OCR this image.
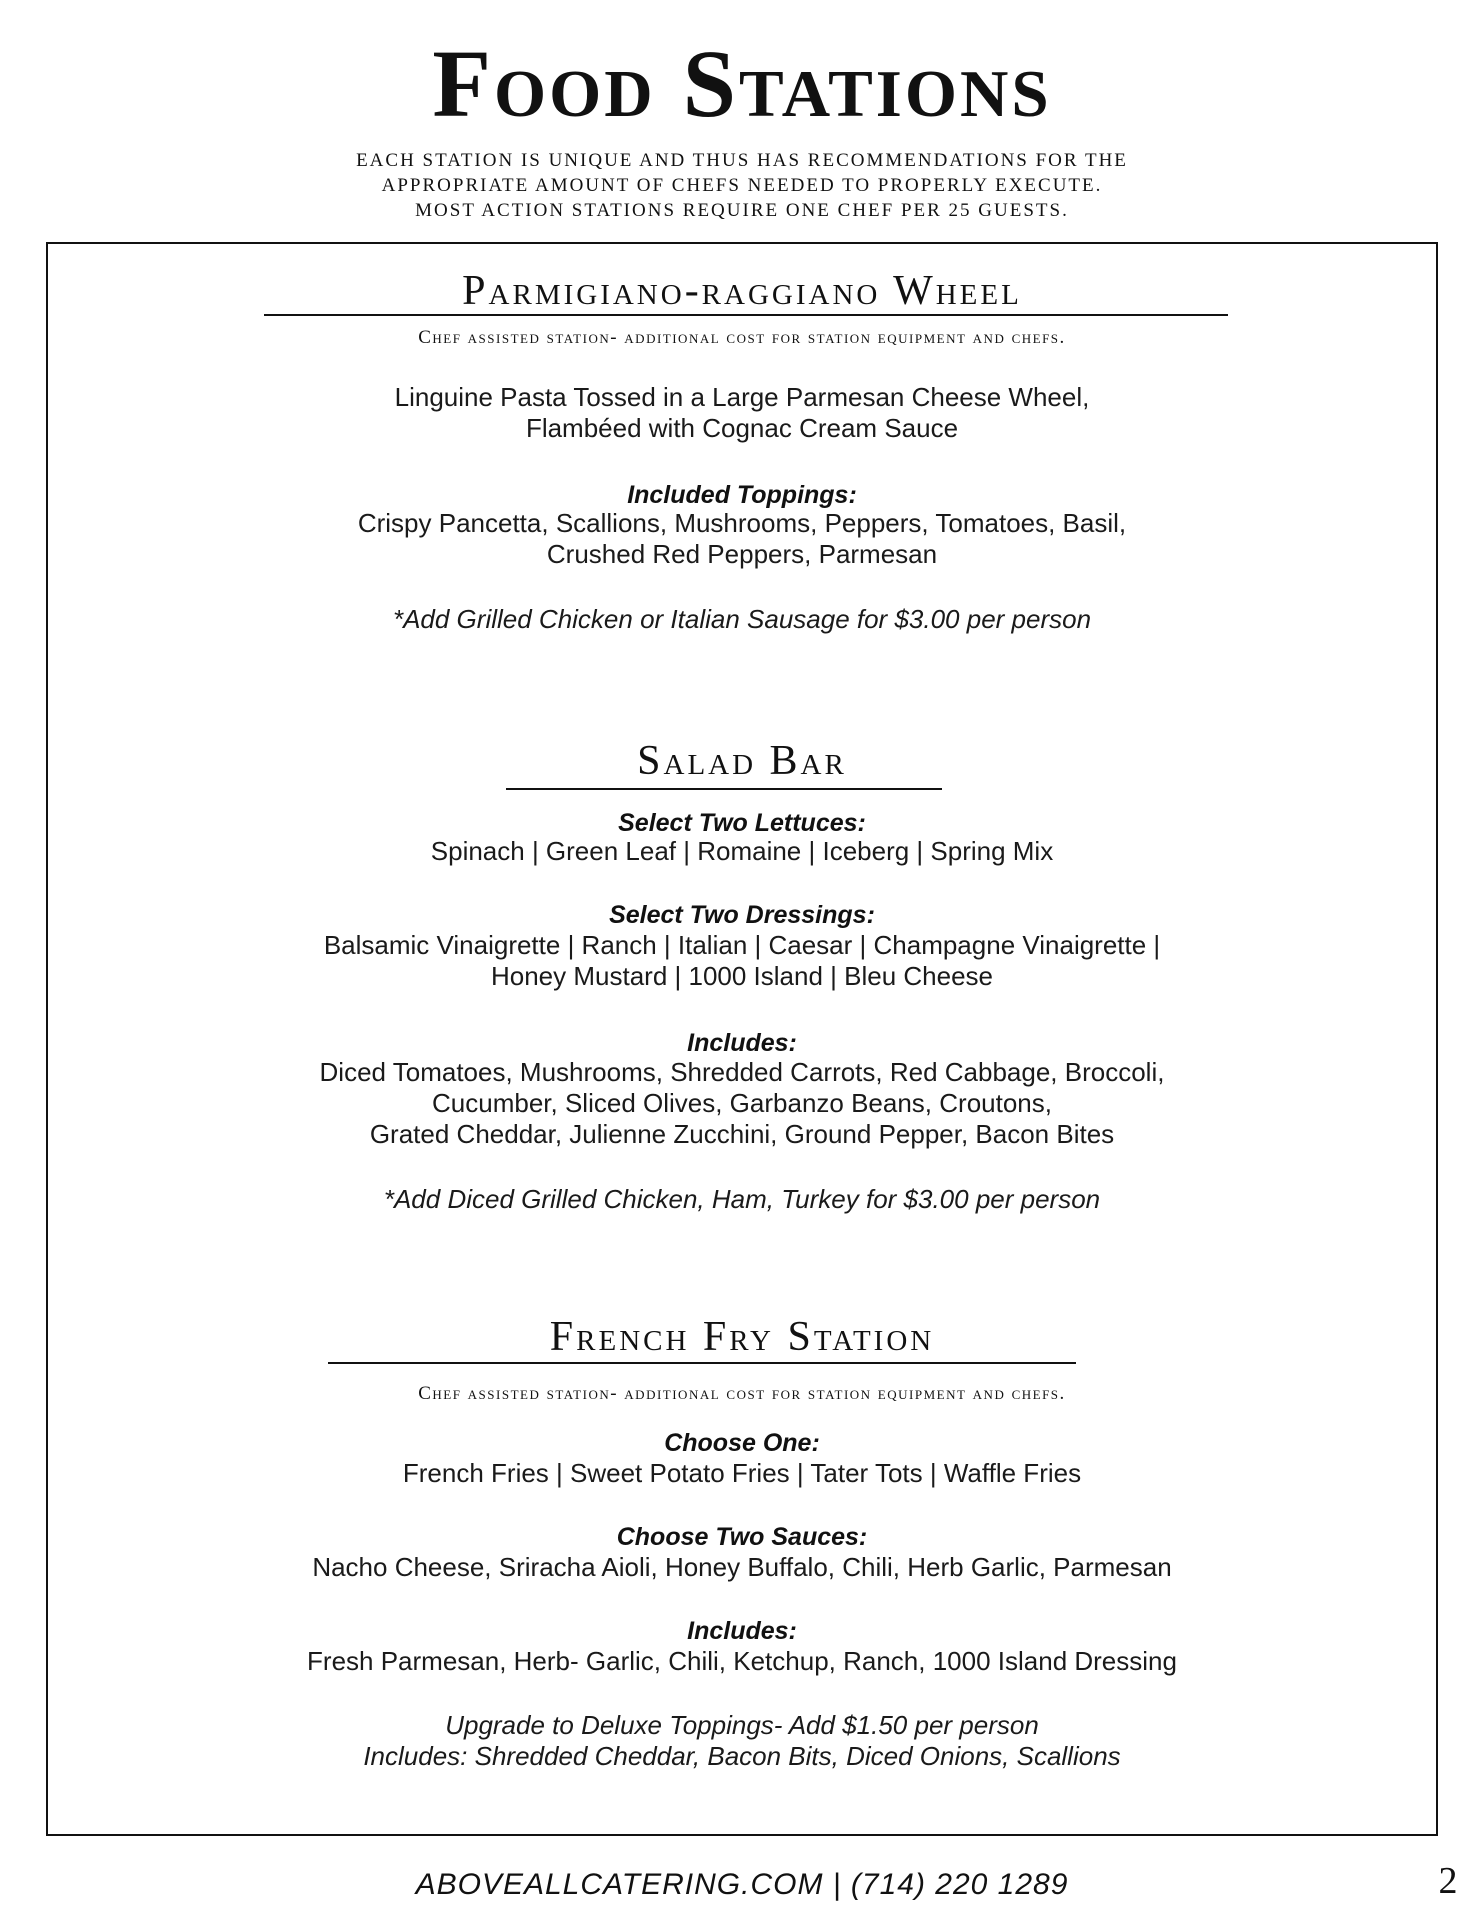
Food Stations
EACH STATION IS UNIQUE AND THUS HAS RECOMMENDATIONS FOR THE
APPROPRIATE AMOUNT OF CHEFS NEEDED TO PROPERLY EXECUTE.
MOST ACTION STATIONS REQUIRE ONE CHEF PER 25 GUESTS.
Parmigiano-raggiano Wheel
Chef assisted station- additional cost for station equipment and chefs.
Linguine Pasta Tossed in a Large Parmesan Cheese Wheel,
Flambéed with Cognac Cream Sauce
Included Toppings:
Crispy Pancetta, Scallions, Mushrooms, Peppers, Tomatoes, Basil,
Crushed Red Peppers, Parmesan
*Add Grilled Chicken or Italian Sausage for $3.00 per person
Salad Bar
Select Two Lettuces:
Spinach | Green Leaf | Romaine | Iceberg | Spring Mix
Select Two Dressings:
Balsamic Vinaigrette | Ranch | Italian | Caesar | Champagne Vinaigrette |
Honey Mustard | 1000 Island | Bleu Cheese
Includes:
Diced Tomatoes, Mushrooms, Shredded Carrots, Red Cabbage, Broccoli,
Cucumber, Sliced Olives, Garbanzo Beans, Croutons,
Grated Cheddar, Julienne Zucchini, Ground Pepper, Bacon Bites
*Add Diced Grilled Chicken, Ham, Turkey for $3.00 per person
French Fry Station
Chef assisted station- additional cost for station equipment and chefs.
Choose One:
French Fries | Sweet Potato Fries | Tater Tots | Waffle Fries
Choose Two Sauces:
Nacho Cheese, Sriracha Aioli, Honey Buffalo, Chili, Herb Garlic, Parmesan
Includes:
Fresh Parmesan, Herb- Garlic, Chili, Ketchup, Ranch, 1000 Island Dressing
Upgrade to Deluxe Toppings- Add $1.50 per person
Includes: Shredded Cheddar, Bacon Bits, Diced Onions, Scallions
ABOVEALLCATERING.COM | (714) 220 1289	2
